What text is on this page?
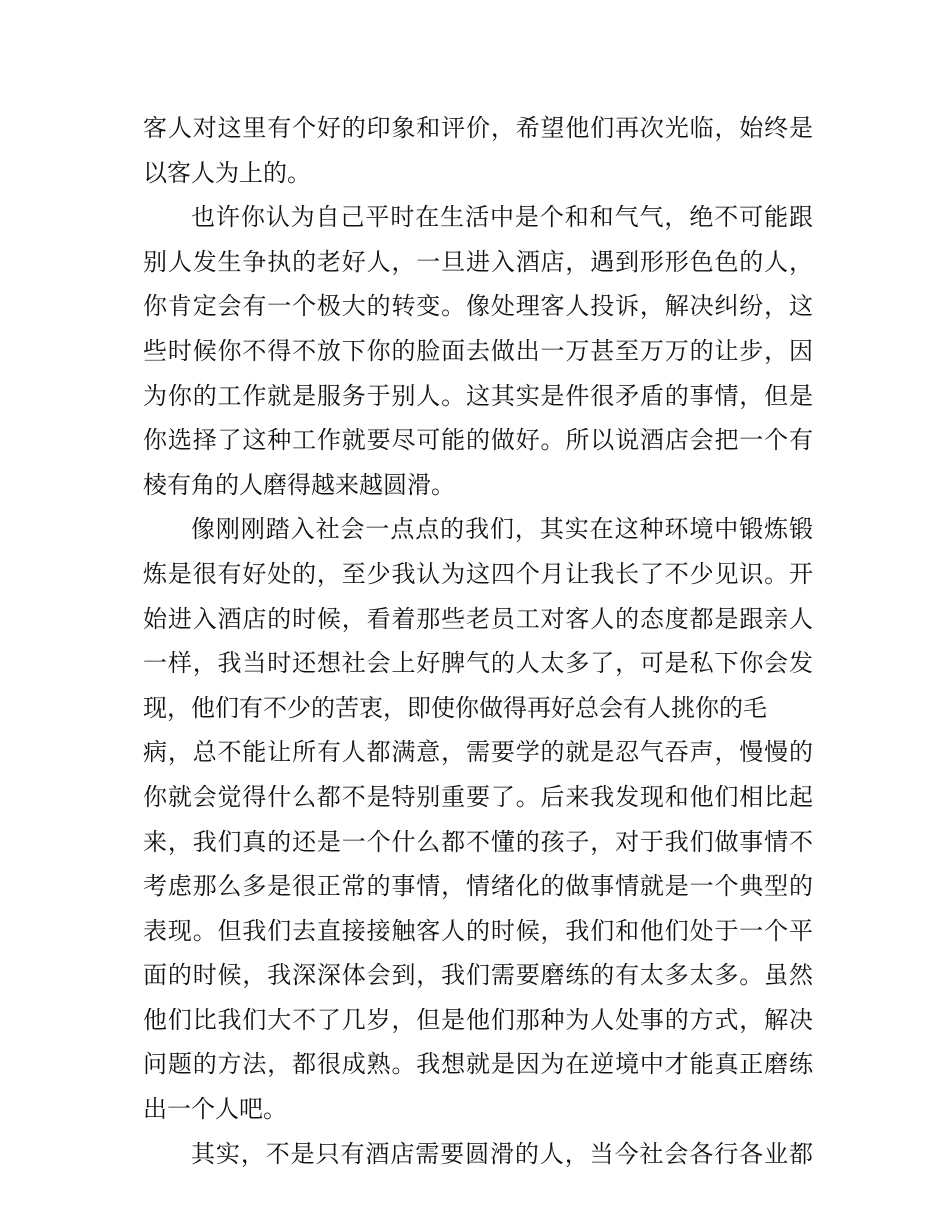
客人对这里有个好的印象和评价，希望他们再次光临，始终是
以客人为上的。

也许你认为自己平时在生活中是个和和气气，绝不可能跟
别人发生争执的老好人，一旦进入酒店，遇到形形色色的人，
你肯定会有一个极大的转变。像处理客人投诉，解决纠纷，这
些时候你不得不放下你的脸面去做出一万甚至万万的让步，因
为你的工作就是服务于别人。这其实是件很矛盾的事情，但是
你选择了这种工作就要尽可能的做好。所以说酒店会把一个有
棱有角的人磨得越来越圆滑。

像刚刚踏入社会一点点的我们，其实在这种环境中锻炼锻
炼是很有好处的，至少我认为这四个月让我长了不少见识。开
始进入酒店的时候，看着那些老员工对客人的态度都是跟亲人
一样，我当时还想社会上好脾气的人太多了，可是私下你会发
现，他们有不少的苦衷，即使你做得再好总会有人挑你的毛
病，总不能让所有人都满意，需要学的就是忍气吞声，慢慢的
你就会觉得什么都不是特别重要了。后来我发现和他们相比起
来，我们真的还是一个什么都不懂的孩子，对于我们做事情不
考虑那么多是很正常的事情，情绪化的做事情就是一个典型的
表现。但我们去直接接触客人的时候，我们和他们处于一个平
面的时候，我深深体会到，我们需要磨练的有太多太多。虽然
他们比我们大不了几岁，但是他们那种为人处事的方式，解决
问题的方法，都很成熟。我想就是因为在逆境中才能真正磨练
出一个人吧。

其实，不是只有酒店需要圆滑的人，当今社会各行各业都
